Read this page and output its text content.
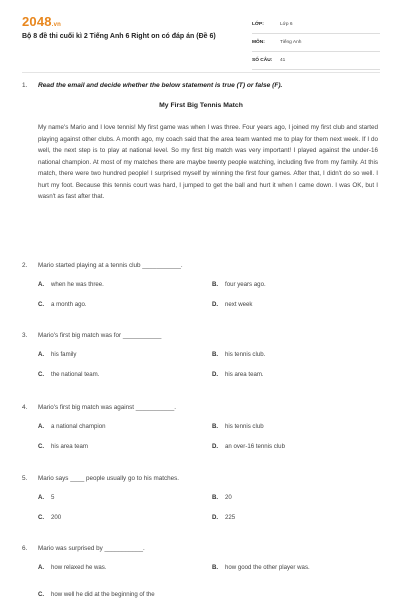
2048.vn
Bộ 8 đề thi cuối kì 2 Tiếng Anh 6 Right on có đáp án (Đề 6)
LỚP:	Lớp 6
MÔN:	Tiếng Anh
SỐ CÂU:	41
1. Read the email and decide whether the below statement is true (T) or false (F).
My First Big Tennis Match
My name's Mario and I love tennis! My first game was when I was three. Four years ago, I joined my first club and started playing against other clubs. A month ago, my coach said that the area team wanted me to play for them next week. If I do well, the next step is to play at national level. So my first big match was very important! I played against the under-16 national champion. At most of my matches there are maybe twenty people watching, including five from my family. At this match, there were two hundred people! I surprised myself by winning the first four games. After that, I didn't do so well. I hurt my foot. Because this tennis court was hard, I jumped to get the ball and hurt it when I came down. I was OK, but I wasn't as fast after that.
2. Mario started playing at a tennis club ___________.
A.	when he was three.	B.	four years ago.
C.	a month ago.	D.	next week
3. Mario's first big match was for ___________
A.	his family	B.	his tennis club.
C.	the national team.	D.	his area team.
4. Mario's first big match was against ___________.
A.	a national champion	B.	his tennis club
C.	his area team	D.	an over-16 tennis club
5. Mario says ____ people usually go to his matches.
A.	5	B.	20
C.	200	D.	225
6. Mario was surprised by ___________.
A.	how relaxed he was.	B.	how good the other player was.
C.	how well he did at the beginning of the
